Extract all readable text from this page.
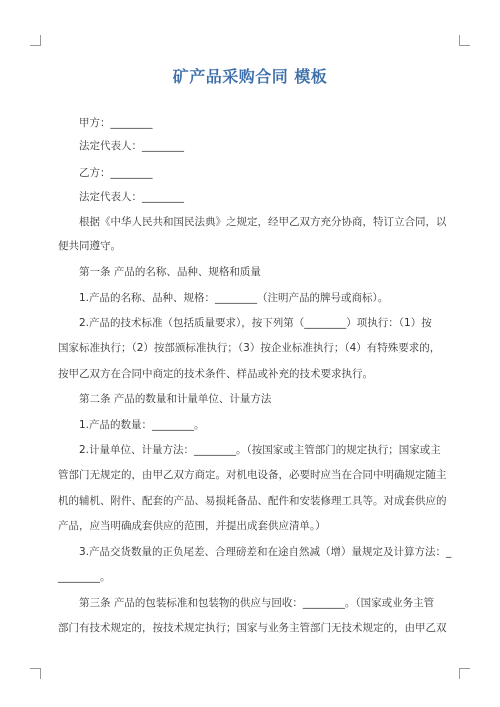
矿产品采购合同 模板
甲方：________
法定代表人：________
乙方：________
法定代表人：________
根据《中华人民共和国民法典》之规定，经甲乙双方充分协商，特订立合同，以
便共同遵守。
第一条 产品的名称、品种、规格和质量
1.产品的名称、品种、规格：________（注明产品的牌号或商标）。
2.产品的技术标准（包括质量要求），按下列第（________）项执行：（1）按
国家标准执行；（2）按部颁标准执行；（3）按企业标准执行；（4）有特殊要求的，
按甲乙双方在合同中商定的技术条件、样品或补充的技术要求执行。
第二条 产品的数量和计量单位、计量方法
1.产品的数量：________。
2.计量单位、计量方法：________。（按国家或主管部门的规定执行；国家或主
管部门无规定的，由甲乙双方商定。对机电设备，必要时应当在合同中明确规定随主
机的辅机、附件、配套的产品、易损耗备品、配件和安装修理工具等。对成套供应的
产品，应当明确成套供应的范围，并提出成套供应清单。）
3.产品交货数量的正负尾差、合理磅差和在途自然减（增）量规定及计算方法：_
________。
第三条 产品的包装标准和包装物的供应与回收：________。（国家或业务主管
部门有技术规定的，按技术规定执行；国家与业务主管部门无技术规定的，由甲乙双
